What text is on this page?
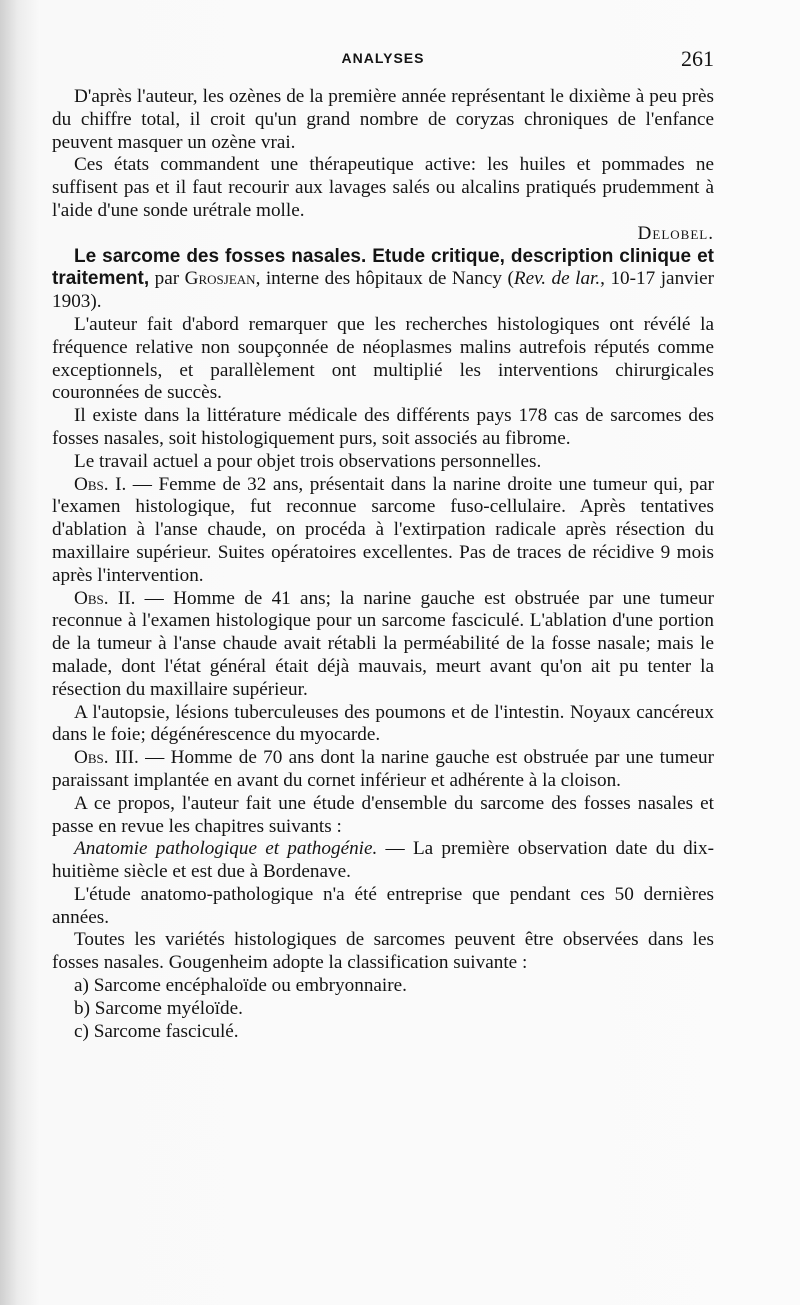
ANALYSES	261

D'après l'auteur, les ozènes de la première année représentant le dixième à peu près du chiffre total, il croit qu'un grand nombre de coryzas chroniques de l'enfance peuvent masquer un ozène vrai.

Ces états commandent une thérapeutique active: les huiles et pommades ne suffisent pas et il faut recourir aux lavages salés ou alcalins pratiqués prudemment à l'aide d'une sonde urétrale molle.

Delobel.

Le sarcome des fosses nasales. Etude critique, description clinique et traitement, par Grosjean, interne des hôpitaux de Nancy (Rev. de lar., 10-17 janvier 1903).

L'auteur fait d'abord remarquer que les recherches histologiques ont révélé la fréquence relative non soupçonnée de néoplasmes malins autrefois réputés comme exceptionnels, et parallèlement ont multiplié les interventions chirurgicales couronnées de succès.

Il existe dans la littérature médicale des différents pays 178 cas de sarcomes des fosses nasales, soit histologiquement purs, soit associés au fibrome.

Le travail actuel a pour objet trois observations personnelles.

Obs. I. — Femme de 32 ans, présentait dans la narine droite une tumeur qui, par l'examen histologique, fut reconnue sarcome fuso-cellulaire. Après tentatives d'ablation à l'anse chaude, on procéda à l'extirpation radicale après résection du maxillaire supérieur. Suites opératoires excellentes. Pas de traces de récidive 9 mois après l'intervention.

Obs. II. — Homme de 41 ans; la narine gauche est obstruée par une tumeur reconnue à l'examen histologique pour un sarcome fasciculé. L'ablation d'une portion de la tumeur à l'anse chaude avait rétabli la perméabilité de la fosse nasale; mais le malade, dont l'état général était déjà mauvais, meurt avant qu'on ait pu tenter la résection du maxillaire supérieur.

A l'autopsie, lésions tuberculeuses des poumons et de l'intestin. Noyaux cancéreux dans le foie; dégénérescence du myocarde.

Obs. III. — Homme de 70 ans dont la narine gauche est obstruée par une tumeur paraissant implantée en avant du cornet inférieur et adhérente à la cloison.

A ce propos, l'auteur fait une étude d'ensemble du sarcome des fosses nasales et passe en revue les chapitres suivants :

Anatomie pathologique et pathogénie. — La première observation date du dix-huitième siècle et est due à Bordenave.

L'étude anatomo-pathologique n'a été entreprise que pendant ces 50 dernières années.

Toutes les variétés histologiques de sarcomes peuvent être observées dans les fosses nasales. Gougenheim adopte la classification suivante :

a) Sarcome encéphaloïde ou embryonnaire.

b) Sarcome myéloïde.

c) Sarcome fasciculé.
